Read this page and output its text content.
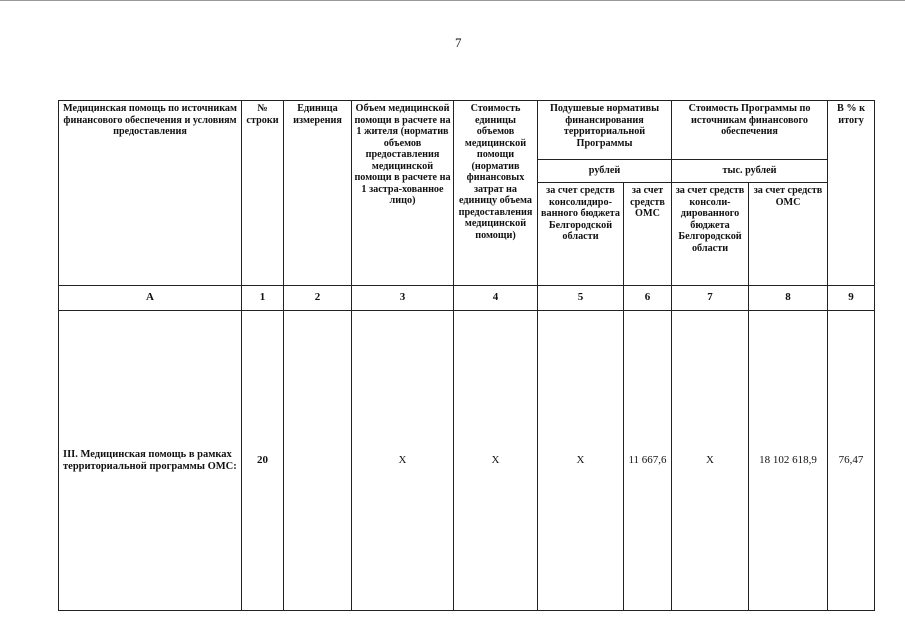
7
Медицинская помощь по источникам финансового обеспечения и условиям предоставления	№ строки	Единица измерения	Объем медицинской помощи в расчете на 1 жителя (норматив объемов предоставления медицинской помощи в расчете на 1 застра-хованное лицо)	Стоимость единицы объемов медицинской помощи (норматив финансовых затрат на единицу объема предоставления медицинской помощи)	Подушевые нормативы финансирования территориальной Программы		Стоимость Программы по источникам финансового обеспечения		В % к итогу
					рублей		тыс. рублей		
					за счет средств консолидиро-ванного бюджета Белгородской области	за счет средств ОМС	за счет средств консоли-дированного бюджета Белгородской области	за счет средств ОМС	
А	1	2	3	4	5	6	7	8	9
III. Медицинская помощь в рамках территориальной программы ОМС:	20		Х	Х	Х	11 667,6	Х	18 102 618,9	76,47
